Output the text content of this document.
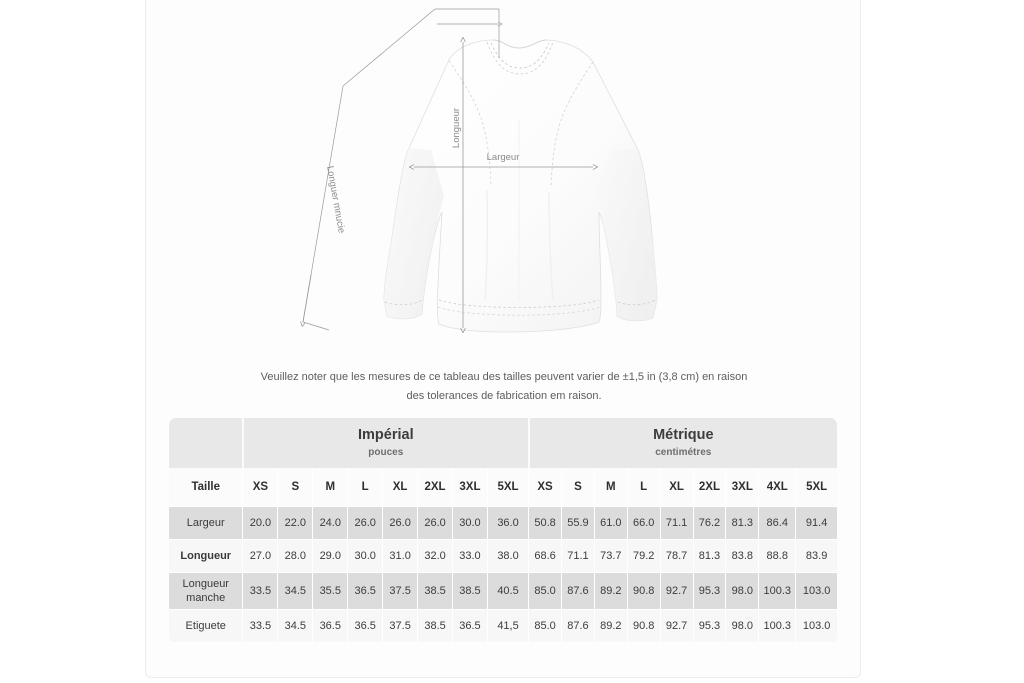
Largeur
Longueur
Longuer mnucie
Veuillez noter que les mesures de ce tableau des tailles peuvent varier de ±1,5 in (3,8 cm) en raison
des tolerances de fabrication em raison.

Impérial
pouces

Métrique
centimétres

Taille	XS	S	M	L	XL	2XL	3XL	5XL	XS	S	M	L	XL	2XL	3XL	4XL	5XL
Largeur	20.0	22.0	24.0	26.0	26.0	26.0	30.0	36.0	50.8	55.9	61.0	66.0	71.1	76.2	81.3	86.4	91.4
Longueur	27.0	28.0	29.0	30.0	31.0	32.0	33.0	38.0	68.6	71.1	73.7	79.2	78.7	81.3	83.8	88.8	83.9
Longueur manche	33.5	34.5	35.5	36.5	37.5	38.5	38.5	40.5	85.0	87.6	89.2	90.8	92.7	95.3	98.0	100.3	103.0
Etiguete	33.5	34.5	36.5	36.5	37.5	38.5	36.5	41,5	85.0	87.6	89.2	90.8	92.7	95.3	98.0	100.3	103.0
